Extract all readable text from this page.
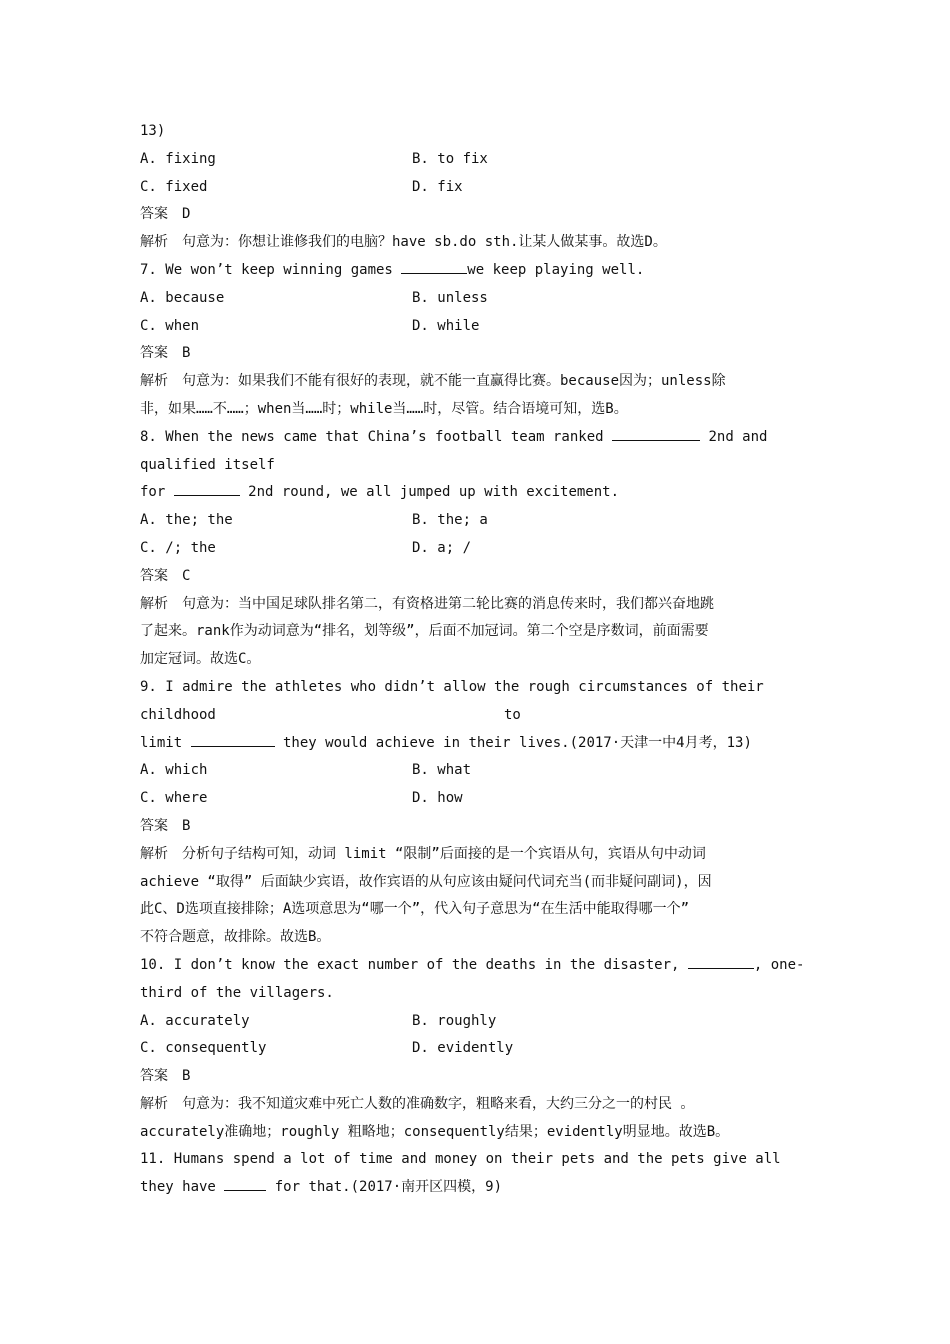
13)
A. fixing	B. to fix
C. fixed	D. fix
答案 D
解析 句意为：你想让谁修我们的电脑？have sb.do sth.让某人做某事。故选D。
7. We won’t keep winning games	we keep playing well.
A. because	B. unless
C. when	D. while
答案 B
解析 句意为：如果我们不能有很好的表现，就不能一直赢得比赛。because因为；unless除
非，如果……不……；when当……时；while当……时，尽管。结合语境可知，选B。
8. When the news came that China’s football team ranked	2nd and
qualified itself
for	2nd round, we all jumped up with excitement.
A. the; the	B. the; a
C. /; the	D. a; /
答案 C
解析 句意为：当中国足球队排名第二，有资格进第二轮比赛的消息传来时，我们都兴奋地跳
了起来。rank作为动词意为“排名，划等级”，后面不加冠词。第二个空是序数词，前面需要
加定冠词。故选C。
9. I admire the athletes who didn’t allow the rough circumstances of their
childhood	to
limit	they would achieve in their lives.(2017·天津一中4月考，13)
A. which	B. what
C. where	D. how
答案 B
解析 分析句子结构可知，动词 limit “限制”后面接的是一个宾语从句，宾语从句中动词
achieve “取得” 后面缺少宾语，故作宾语的从句应该由疑问代词充当(而非疑问副词)，因
此C、D选项直接排除；A选项意思为“哪一个”，代入句子意思为“在生活中能取得哪一个”
不符合题意，故排除。故选B。
10. I don’t know the exact number of the deaths in the disaster,	, one-
third of the villagers.
A. accurately	B. roughly
C. consequently	D. evidently
答案 B
解析 句意为：我不知道灾难中死亡人数的准确数字，粗略来看，大约三分之一的村民 。
accurately准确地；roughly 粗略地；consequently结果；evidently明显地。故选B。
11. Humans spend a lot of time and money on their pets and the pets give all
they have	for that.(2017·南开区四模，9)
